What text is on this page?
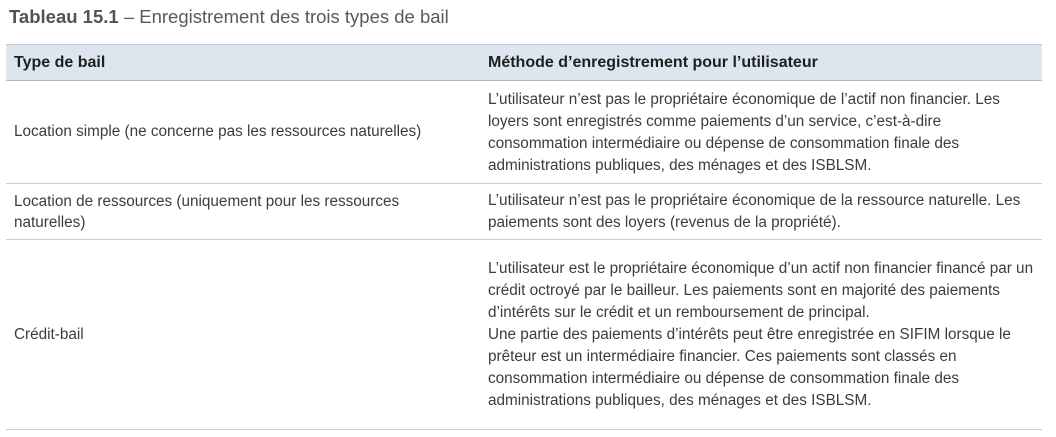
Tableau 15.1 – Enregistrement des trois types de bail
Type de bail	Méthode d’enregistrement pour l’utilisateur
Location simple (ne concerne pas les ressources naturelles)	L’utilisateur n’est pas le propriétaire économique de l’actif non financier. Les loyers sont enregistrés comme paiements d’un service, c’est-à-dire consommation intermédiaire ou dépense de consommation finale des administrations publiques, des ménages et des ISBLSM.

Location de ressources (uniquement pour les ressources naturelles)	L’utilisateur n’est pas le propriétaire économique de la ressource naturelle. Les paiements sont des loyers (revenus de la propriété).

Crédit-bail	L’utilisateur est le propriétaire économique d’un actif non financier financé par un crédit octroyé par le bailleur. Les paiements sont en majorité des paiements d’intérêts sur le crédit et un remboursement de principal.
Une partie des paiements d’intérêts peut être enregistrée en SIFIM lorsque le prêteur est un intermédiaire financier. Ces paiements sont classés en consommation intermédiaire ou dépense de consommation finale des administrations publiques, des ménages et des ISBLSM.
